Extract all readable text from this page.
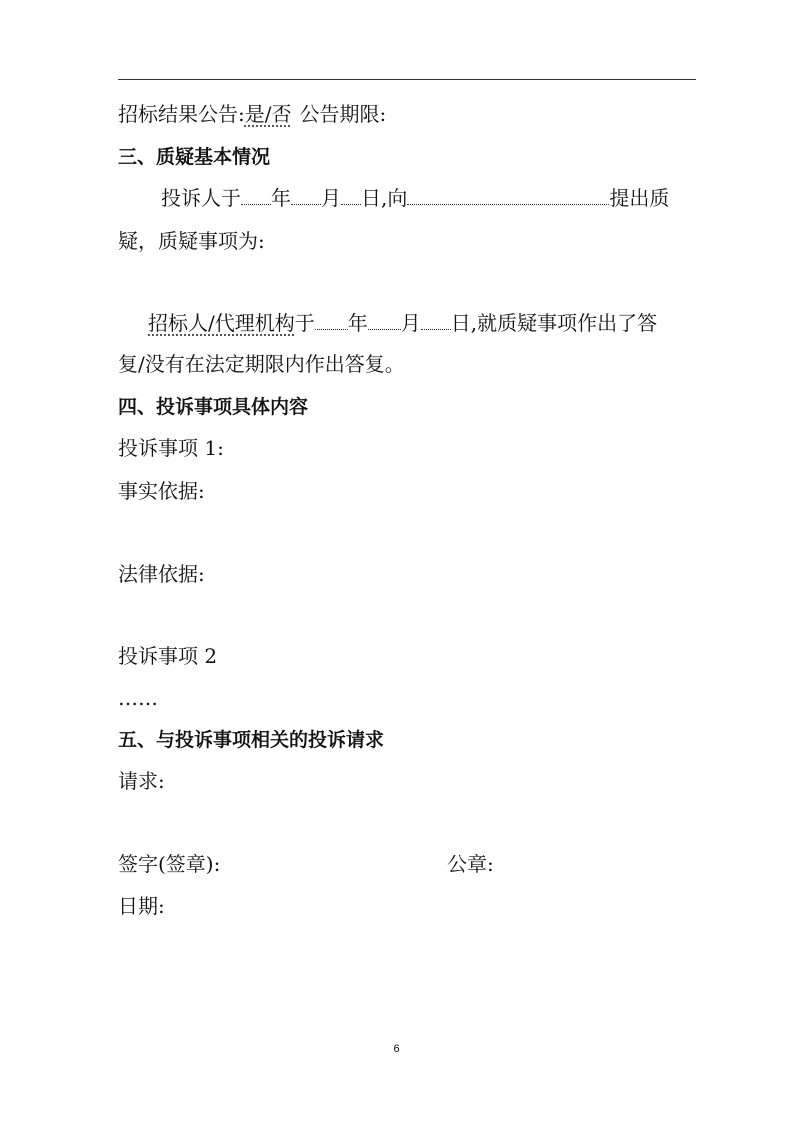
招标结果公告:是/否 公告期限:
三、质疑基本情况
投诉人于 年 月 日,向	提出质
疑，质疑事项为:
招标人/代理机构于 年 月 日,就质疑事项作出了答
复/没有在法定期限内作出答复。
四、投诉事项具体内容
投诉事项 1:
事实依据:
法律依据:
投诉事项 2
……
五、与投诉事项相关的投诉请求
请求:
签字(签章):	公章:
日期:
6
